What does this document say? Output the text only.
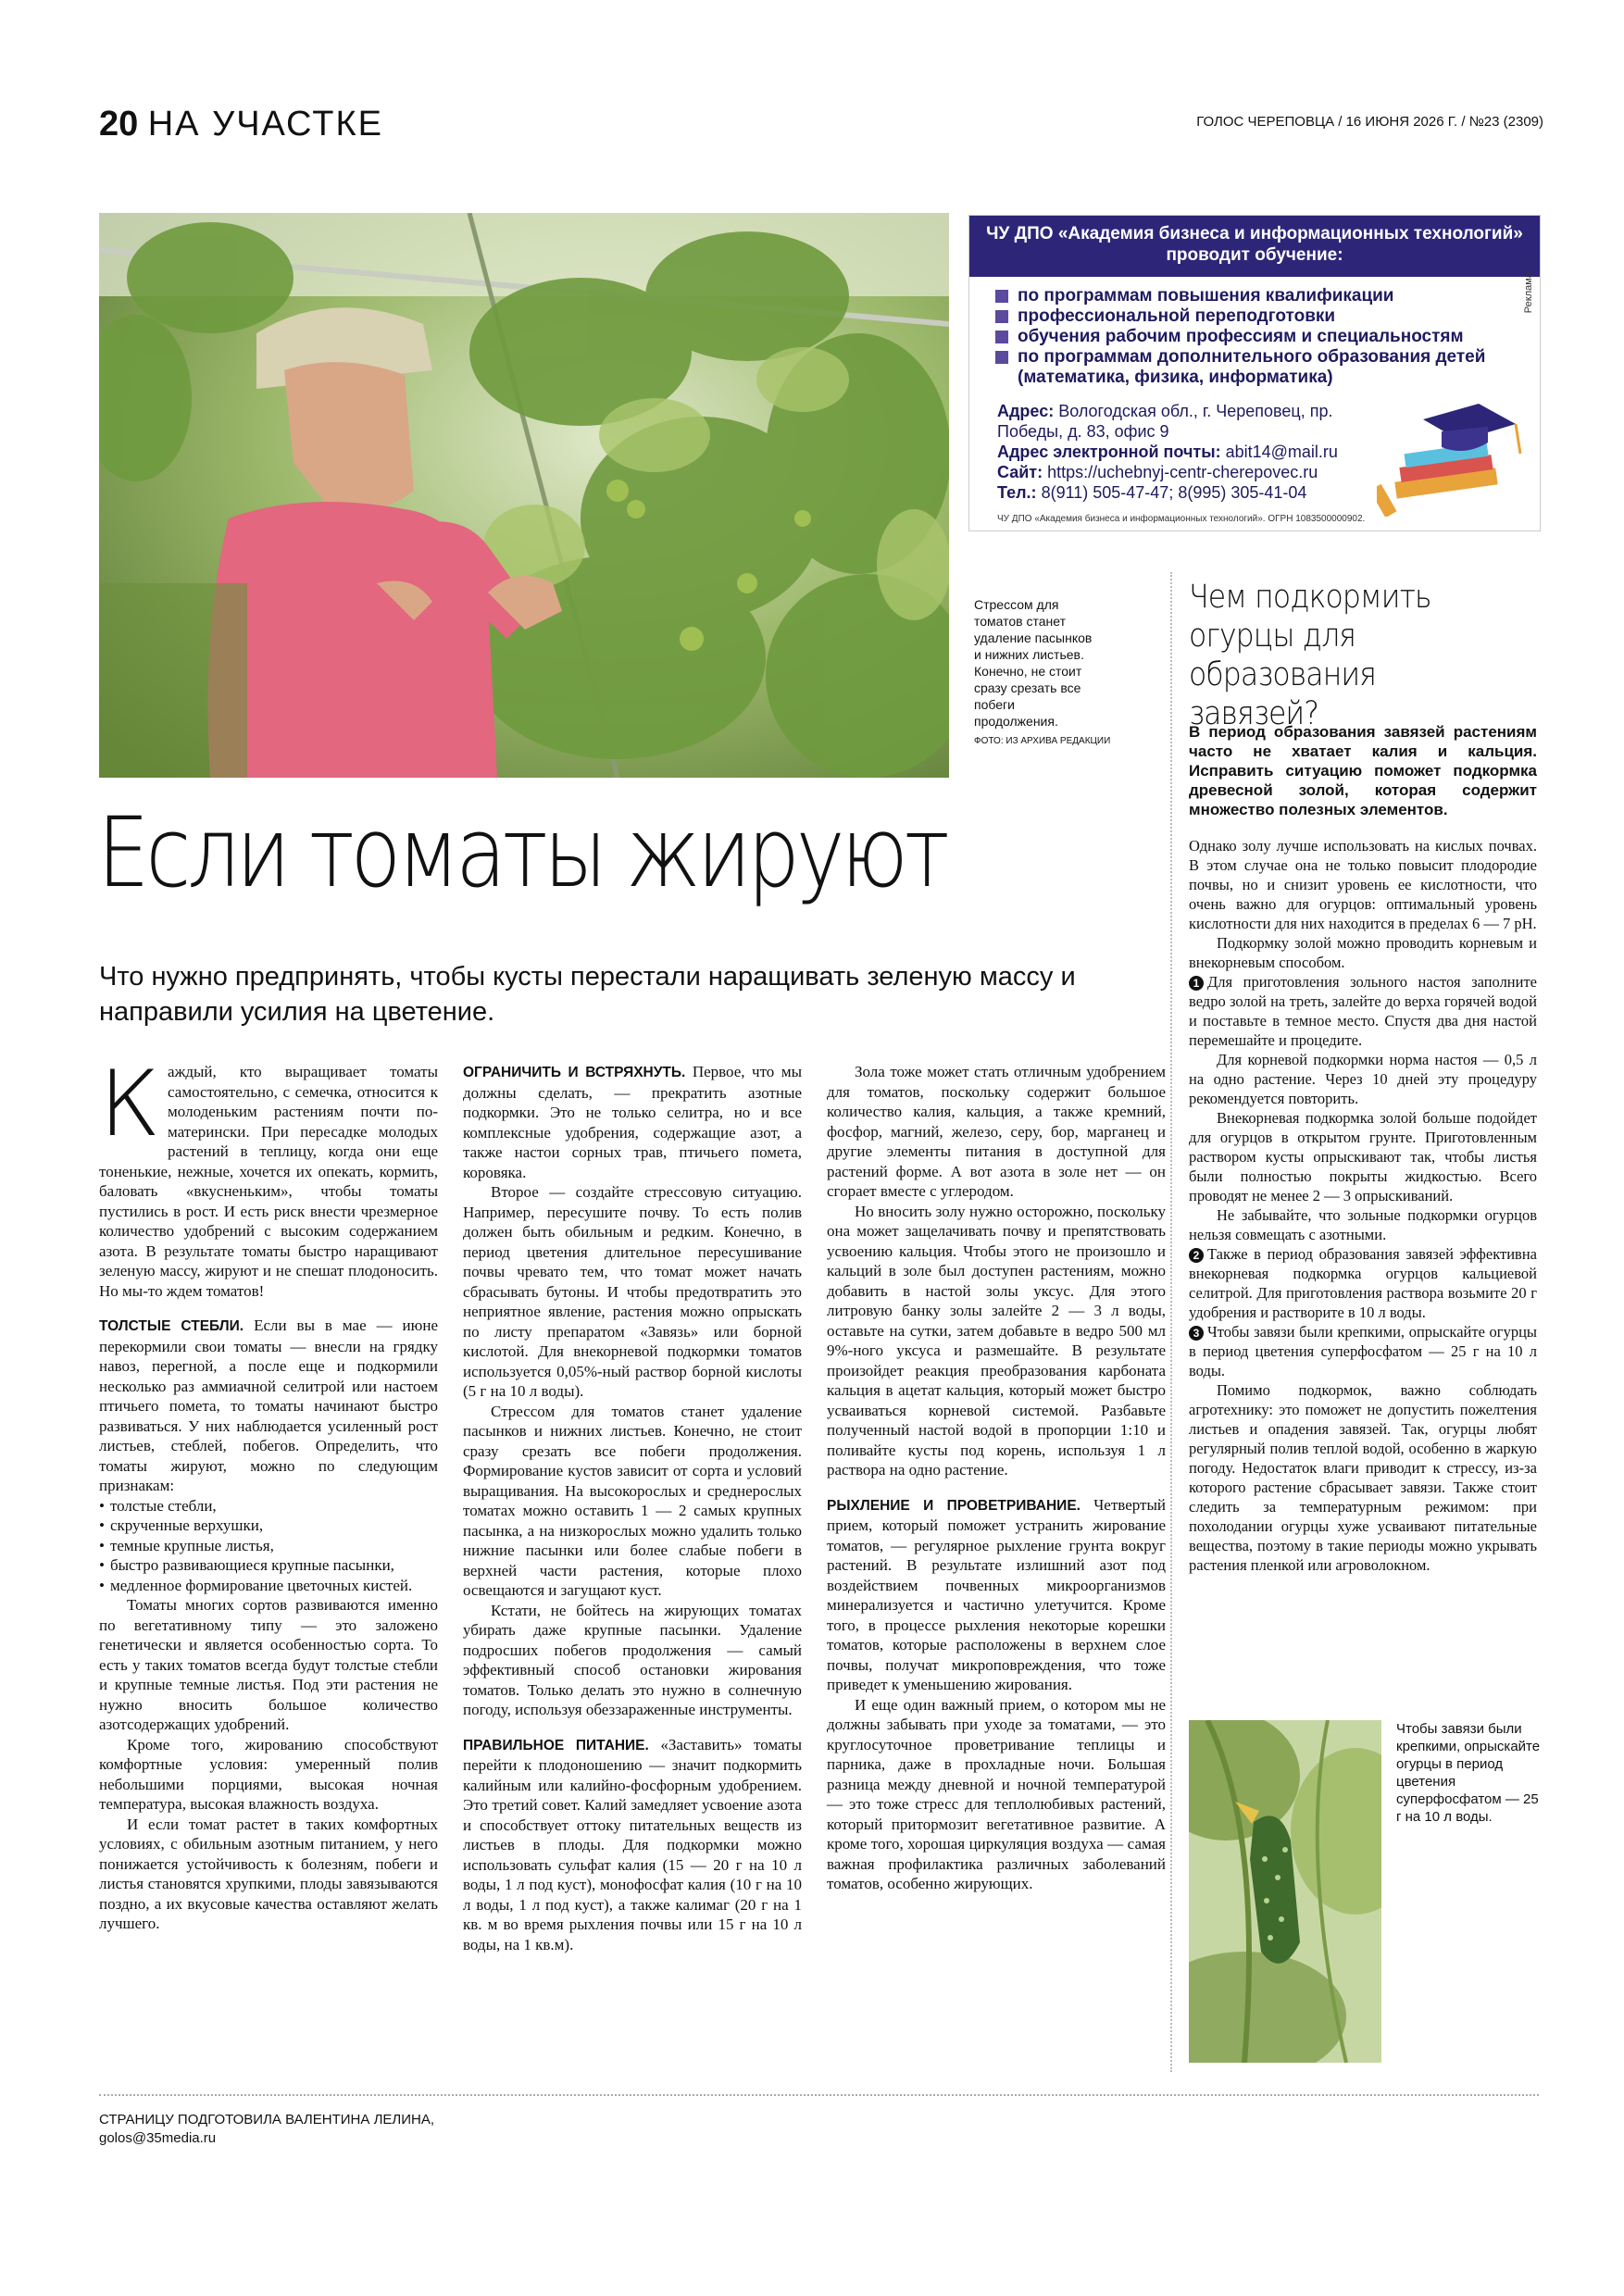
20 НА УЧАСТКЕ	ГОЛОС ЧЕРЕПОВЦА / 16 ИЮНЯ 2026 Г. / №23 (2309)

Стрессом для томатов станет удаление пасынков и нижних листьев. Конечно, не стоит сразу срезать все побеги продолжения.

ФОТО: ИЗ АРХИВА РЕДАКЦИИ

ЧУ ДПО «Академия бизнеса и информационных технологий» проводит обучение:
по программам повышения квалификации
профессиональной переподготовки
обучения рабочим профессиям и специальностям
по программам дополнительного образования детей (математика, физика, информатика)
Адрес: Вологодская обл., г. Череповец, пр. Победы, д. 83, офис 9
Адрес электронной почты: abit14@mail.ru
Сайт: https://uchebnyj-centr-cherepovec.ru
Тел.: 8(911) 505-47-47; 8(995) 305-41-04
ЧУ ДПО «Академия бизнеса и информационных технологий». ОГРН 1083500000902.
Реклама.
Если томаты жируют
Что нужно предпринять, чтобы кусты перестали наращивать зеленую массу и направили усилия на цветение.

Каждый, кто выращивает томаты самостоятельно, с семечка, относится к молоденьким растениям почти по-матерински. При пересадке молодых растений в теплицу, когда они еще тоненькие, нежные, хочется их опекать, кормить, баловать «вкусненьким», чтобы томаты пустились в рост. И есть риск внести чрезмерное количество удобрений с высоким содержанием азота. В результате томаты быстро наращивают зеленую массу, жируют и не спешат плодоносить. Но мы-то ждем томатов!

ТОЛСТЫЕ СТЕБЛИ. Если вы в мае — июне перекормили свои томаты — внесли на грядку навоз, перегной, а после еще и подкормили несколько раз аммиачной селитрой или настоем птичьего помета, то томаты начинают быстро развиваться. У них наблюдается усиленный рост листьев, стеблей, побегов. Определить, что томаты жируют, можно по следующим признакам:

• толстые стебли,
• скрученные верхушки,
• темные крупные листья,
• быстро развивающиеся крупные пасынки,
• медленное формирование цветочных кистей.

Томаты многих сортов развиваются именно по вегетативному типу — это заложено генетически и является особенностью сорта. То есть у таких томатов всегда будут толстые стебли и крупные темные листья. Под эти растения не нужно вносить большое количество азотсодержащих удобрений.

Кроме того, жированию способствуют комфортные условия: умеренный полив небольшими порциями, высокая ночная температура, высокая влажность воздуха.

И если томат растет в таких комфортных условиях, с обильным азотным питанием, у него понижается устойчивость к болезням, побеги и листья становятся хрупкими, плоды завязываются поздно, а их вкусовые качества оставляют желать лучшего.

ОГРАНИЧИТЬ И ВСТРЯХНУТЬ. Первое, что мы должны сделать, — прекратить азотные подкормки. Это не только селитра, но и все комплексные удобрения, содержащие азот, а также настои сорных трав, птичьего помета, коровяка.

Второе — создайте стрессовую ситуацию. Например, пересушите почву. То есть полив должен быть обильным и редким. Конечно, в период цветения длительное пересушивание почвы чревато тем, что томат может начать сбрасывать бутоны. И чтобы предотвратить это неприятное явление, растения можно опрыскать по листу препаратом «Завязь» или борной кислотой. Для внекорневой подкормки томатов используется 0,05%-ный раствор борной кислоты (5 г на 10 л воды).

Стрессом для томатов станет удаление пасынков и нижних листьев. Конечно, не стоит сразу срезать все побеги продолжения. Формирование кустов зависит от сорта и условий выращивания. На высокорослых и среднерослых томатах можно оставить 1 — 2 самых крупных пасынка, а на низкорослых можно удалить только нижние пасынки или более слабые побеги в верхней части растения, которые плохо освещаются и загущают куст.

Кстати, не бойтесь на жирующих томатах убирать даже крупные пасынки. Удаление подросших побегов продолжения — самый эффективный способ остановки жирования томатов. Только делать это нужно в солнечную погоду, используя обеззараженные инструменты.

ПРАВИЛЬНОЕ ПИТАНИЕ. «Заставить» томаты перейти к плодоношению — значит подкормить калийным или калийно-фосфорным удобрением. Это третий совет. Калий замедляет усвоение азота и способствует оттоку питательных веществ из листьев в плоды. Для подкормки можно использовать сульфат калия (15 — 20 г на 10 л воды, 1 л под куст), монофосфат калия (10 г на 10 л воды, 1 л под куст), а также калимаг (20 г на 1 кв. м во время рыхления почвы или 15 г на 10 л воды, на 1 кв.м).

Зола тоже может стать отличным удобрением для томатов, поскольку содержит большое количество калия, кальция, а также кремний, фосфор, магний, железо, серу, бор, марганец и другие элементы питания в доступной для растений форме. А вот азота в золе нет — он сгорает вместе с углеродом.

Но вносить золу нужно осторожно, поскольку она может защелачивать почву и препятствовать усвоению кальция. Чтобы этого не произошло и кальций в золе был доступен растениям, можно добавить в настой золы уксус. Для этого литровую банку золы залейте 2 — 3 л воды, оставьте на сутки, затем добавьте в ведро 500 мл 9%-ного уксуса и размешайте. В результате произойдет реакция преобразования карбоната кальция в ацетат кальция, который может быстро усваиваться корневой системой. Разбавьте полученный настой водой в пропорции 1:10 и поливайте кусты под корень, используя 1 л раствора на одно растение.

РЫХЛЕНИЕ И ПРОВЕТРИВАНИЕ. Четвертый прием, который поможет устранить жирование томатов, — регулярное рыхление грунта вокруг растений. В результате излишний азот под воздействием почвенных микроорганизмов минерализуется и частично улетучится. Кроме того, в процессе рыхления некоторые корешки томатов, которые расположены в верхнем слое почвы, получат микроповреждения, что тоже приведет к уменьшению жирования.

И еще один важный прием, о котором мы не должны забывать при уходе за томатами, — это круглосуточное проветривание теплицы и парника, даже в прохладные ночи. Большая разница между дневной и ночной температурой — это тоже стресс для теплолюбивых растений, который притормозит вегетативное развитие. А кроме того, хорошая циркуляция воздуха — самая важная профилактика различных заболеваний томатов, особенно жирующих.

Чем подкормить огурцы для образования завязей?

В период образования завязей растениям часто не хватает калия и кальция. Исправить ситуацию поможет подкормка древесной золой, которая содержит множество полезных элементов.

Однако золу лучше использовать на кислых почвах. В этом случае она не только повысит плодородие почвы, но и снизит уровень ее кислотности, что очень важно для огурцов: оптимальный уровень кислотности для них находится в пределах 6 — 7 pH.

Подкормку золой можно проводить корневым и внекорневым способом.

1 Для приготовления зольного настоя заполните ведро золой на треть, залейте до верха горячей водой и поставьте в темное место. Спустя два дня настой перемешайте и процедите.

Для корневой подкормки норма настоя — 0,5 л на одно растение. Через 10 дней эту процедуру рекомендуется повторить.

Внекорневая подкормка золой больше подойдет для огурцов в открытом грунте. Приготовленным раствором кусты опрыскивают так, чтобы листья были полностью покрыты жидкостью. Всего проводят не менее 2 — 3 опрыскиваний.

Не забывайте, что зольные подкормки огурцов нельзя совмещать с азотными.

2 Также в период образования завязей эффективна внекорневая подкормка огурцов кальциевой селитрой. Для приготовления раствора возьмите 20 г удобрения и растворите в 10 л воды.

3 Чтобы завязи были крепкими, опрыскайте огурцы в период цветения суперфосфатом — 25 г на 10 л воды.

Помимо подкормок, важно соблюдать агротехнику: это поможет не допустить пожелтения листьев и опадения завязей. Так, огурцы любят регулярный полив теплой водой, особенно в жаркую погоду. Недостаток влаги приводит к стрессу, из-за которого растение сбрасывает завязи. Также стоит следить за температурным режимом: при похолодании огурцы хуже усваивают питательные вещества, поэтому в такие периоды можно укрывать растения пленкой или агроволокном.

Чтобы завязи были крепкими, опрыскайте огурцы в период цветения суперфосфатом — 25 г на 10 л воды.
СТРАНИЦУ ПОДГОТОВИЛА ВАЛЕНТИНА ЛЕЛИНА,
golos@35media.ru
